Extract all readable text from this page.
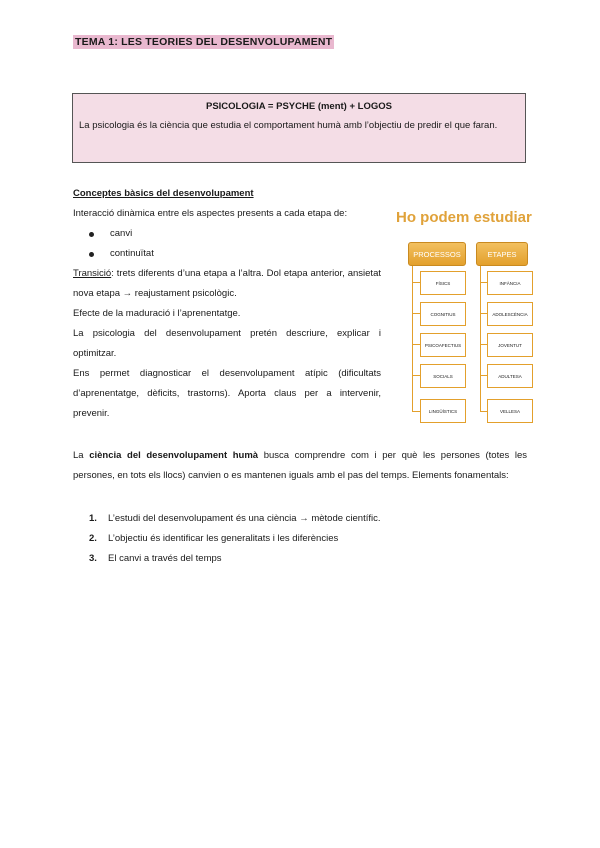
TEMA 1: LES TEORIES DEL DESENVOLUPAMENT
PSICOLOGIA = PSYCHE (ment) + LOGOS
La psicologia és la ciència que estudia el comportament humà amb l’objectiu de predir el que faran.
Conceptes bàsics del desenvolupament

Interacció dinàmica entre els aspectes presents a cada etapa de:

canvi
continuïtat

Transició: trets diferents d’una etapa a l’altra. Dol etapa anterior, ansietat nova etapa → reajustament psicològic.

Efecte de la maduració i l’aprenentatge.

La psicologia del desenvolupament pretén descriure, explicar i optimitzar.

Ens permet diagnosticar el desenvolupament atípic (dificultats d’aprenentatge, dèficits, trastorns). Aporta claus per a intervenir, prevenir.

Ho podem estudiar
PROCESSOS	ETAPES
FÍSICS
COGNITIUS
PSICOAFECTIUS
SOCIALS
LINGÜÍSTICS
INFÀNCIA
ADOLESCÈNCIA
JOVENTUT
ADULTESA
VELLESA
La ciència del desenvolupament humà busca comprendre com i per què les persones (totes les persones, en tots els llocs) canvien o es mantenen iguals amb el pas del temps. Elements fonamentals:
1.	L’estudi del desenvolupament és una ciència → mètode científic.
2.	L’objectiu és identificar les generalitats i les diferències
3.	El canvi a través del temps
